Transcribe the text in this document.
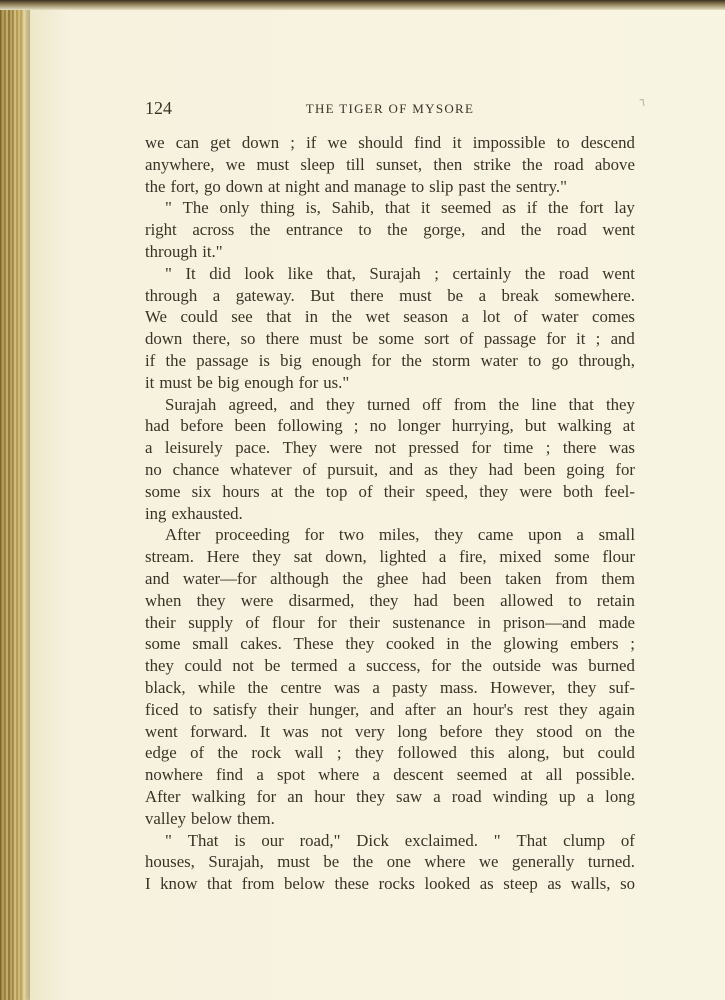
٦
124	THE TIGER OF MYSORE
we can get down ; if we should find it impossible to descend
anywhere, we must sleep till sunset, then strike the road above
the fort, go down at night and manage to slip past the sentry."
" The only thing is, Sahib, that it seemed as if the fort lay
right across the entrance to the gorge, and the road went
through it."
" It did look like that, Surajah ; certainly the road went
through a gateway. But there must be a break somewhere.
We could see that in the wet season a lot of water comes
down there, so there must be some sort of passage for it ; and
if the passage is big enough for the storm water to go through,
it must be big enough for us."
Surajah agreed, and they turned off from the line that they
had before been following ; no longer hurrying, but walking at
a leisurely pace. They were not pressed for time ; there was
no chance whatever of pursuit, and as they had been going for
some six hours at the top of their speed, they were both feel-
ing exhausted.
After proceeding for two miles, they came upon a small
stream. Here they sat down, lighted a fire, mixed some flour
and water—for although the ghee had been taken from them
when they were disarmed, they had been allowed to retain
their supply of flour for their sustenance in prison—and made
some small cakes. These they cooked in the glowing embers ;
they could not be termed a success, for the outside was burned
black, while the centre was a pasty mass. However, they suf-
ficed to satisfy their hunger, and after an hour's rest they again
went forward. It was not very long before they stood on the
edge of the rock wall ; they followed this along, but could
nowhere find a spot where a descent seemed at all possible.
After walking for an hour they saw a road winding up a long
valley below them.
" That is our road," Dick exclaimed. " That clump of
houses, Surajah, must be the one where we generally turned.
I know that from below these rocks looked as steep as walls, so
